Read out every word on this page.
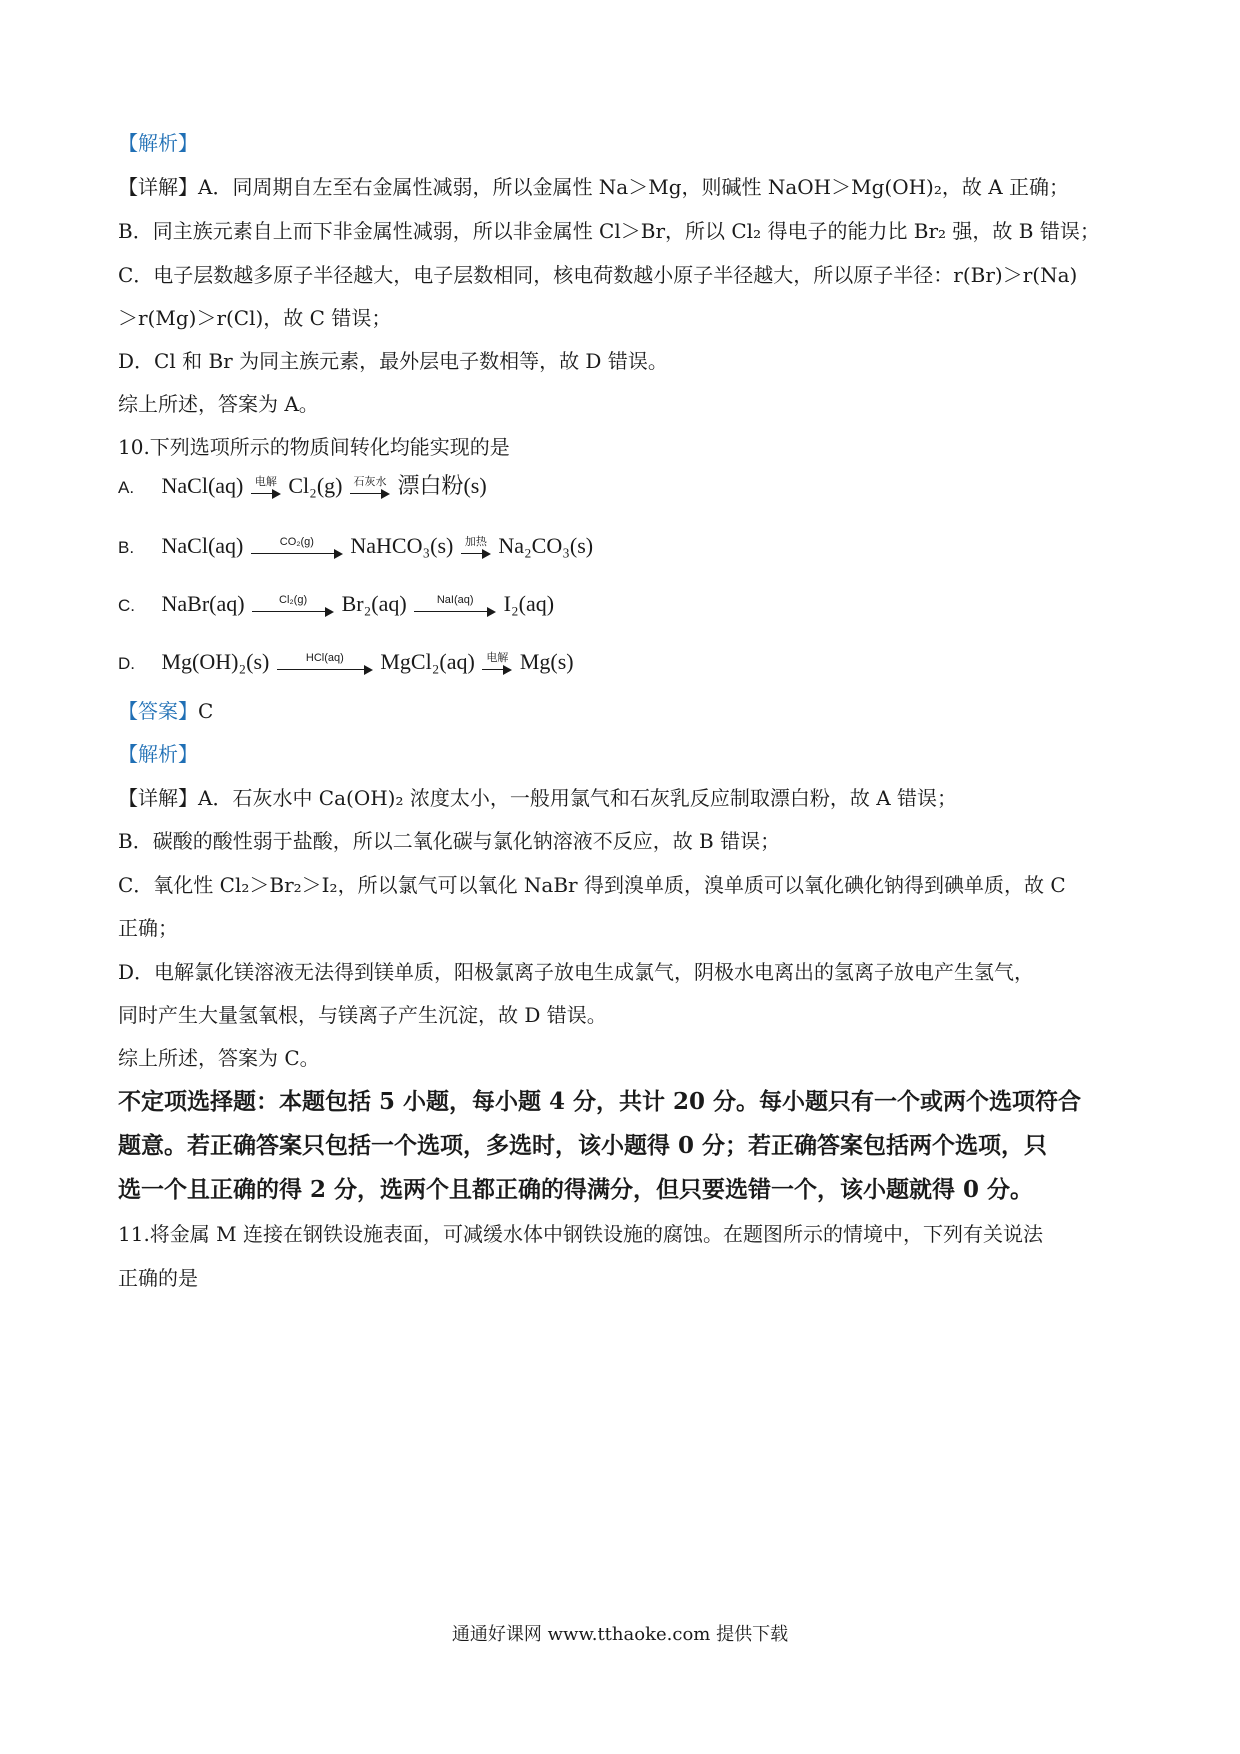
【解析】
【详解】A．同周期自左至右金属性减弱，所以金属性 Na＞Mg，则碱性 NaOH＞Mg(OH)₂，故 A 正确；
B．同主族元素自上而下非金属性减弱，所以非金属性 Cl＞Br，所以 Cl₂ 得电子的能力比 Br₂ 强，故 B 错误；
C．电子层数越多原子半径越大，电子层数相同，核电荷数越小原子半径越大，所以原子半径：r(Br)＞r(Na)
＞r(Mg)＞r(Cl)，故 C 错误；
D．Cl 和 Br 为同主族元素，最外层电子数相等，故 D 错误。
综上所述，答案为 A。
10.下列选项所示的物质间转化均能实现的是
A. NaCl(aq)	电解 Cl₂(g)	石灰水 漂白粉(s)
B. NaCl(aq)	CO₂(g)	NaHCO₃(s)	加热 Na₂CO₃(s)
C. NaBr(aq)	Cl₂(g)	Br₂(aq)	NaI(aq)	I₂(aq)
D. Mg(OH)₂(s)	HCl(aq)	MgCl₂(aq)	电解 Mg(s)
【答案】C
【解析】
【详解】A．石灰水中 Ca(OH)₂ 浓度太小，一般用氯气和石灰乳反应制取漂白粉，故 A 错误；
B．碳酸的酸性弱于盐酸，所以二氧化碳与氯化钠溶液不反应，故 B 错误；
C．氧化性 Cl₂＞Br₂＞I₂，所以氯气可以氧化 NaBr 得到溴单质，溴单质可以氧化碘化钠得到碘单质，故 C
正确；
D．电解氯化镁溶液无法得到镁单质，阳极氯离子放电生成氯气，阴极水电离出的氢离子放电产生氢气，
同时产生大量氢氧根，与镁离子产生沉淀，故 D 错误。
综上所述，答案为 C。
不定项选择题：本题包括 5 小题，每小题 4 分，共计 20 分。每小题只有一个或两个选项符合
题意。若正确答案只包括一个选项，多选时，该小题得 0 分；若正确答案包括两个选项，只
选一个且正确的得 2 分，选两个且都正确的得满分，但只要选错一个，该小题就得 0 分。
11.将金属 M 连接在钢铁设施表面，可减缓水体中钢铁设施的腐蚀。在题图所示的情境中，下列有关说法
正确的是
通通好课网 www.tthaoke.com 提供下载
